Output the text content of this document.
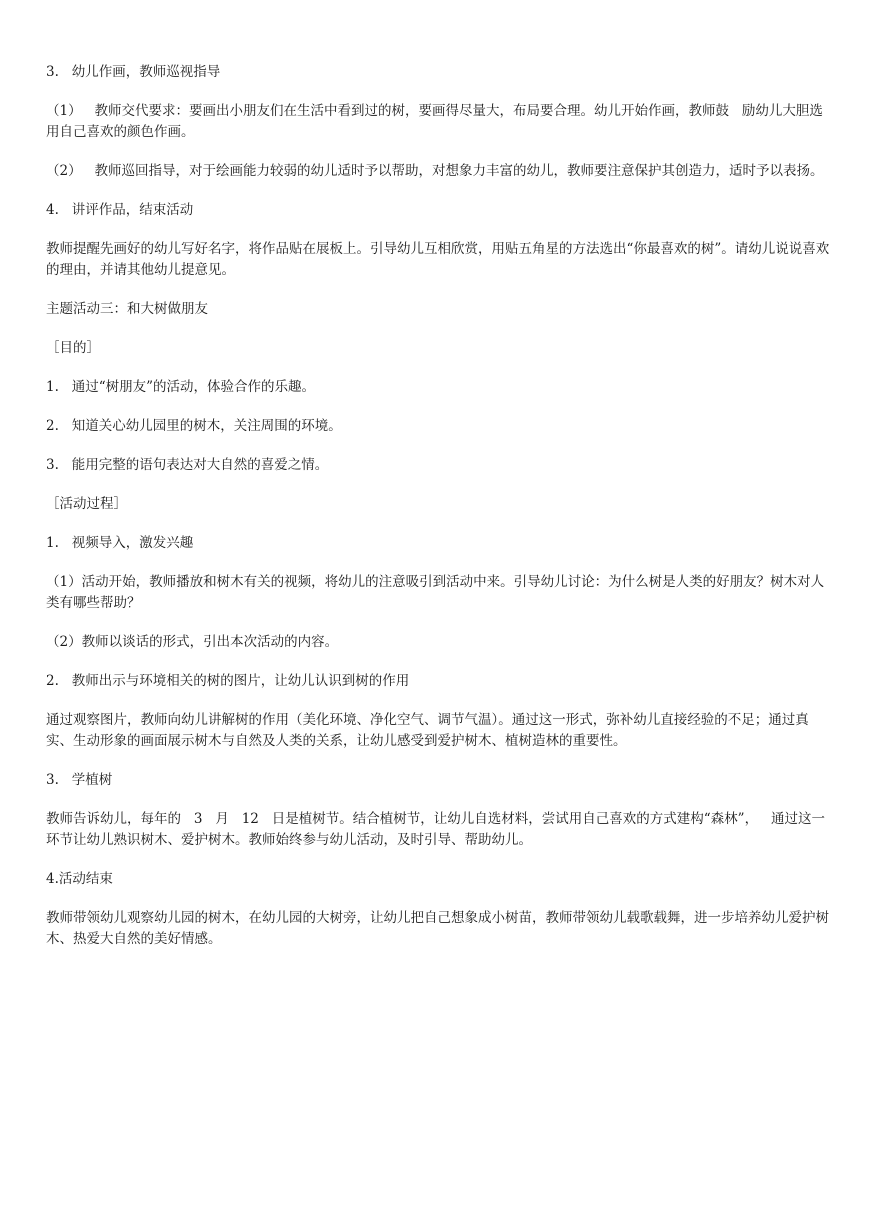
3.   幼儿作画，教师巡视指导

（1）   教师交代要求：要画出小朋友们在生活中看到过的树，要画得尽量大，布局要合理。幼儿开始作画，教师鼓   励幼儿大胆选用自己喜欢的颜色作画。

（2）   教师巡回指导，对于绘画能力较弱的幼儿适时予以帮助，对想象力丰富的幼儿，教师要注意保护其创造力，适时予以表扬。

4.   讲评作品，结束活动

教师提醒先画好的幼儿写好名字，将作品贴在展板上。引导幼儿互相欣赏，用贴五角星的方法选出“你最喜欢的树”。请幼儿说说喜欢的理由，并请其他幼儿提意见。

主题活动三：和大树做朋友

［目的］

1.   通过“树朋友”的活动，体验合作的乐趣。

2.   知道关心幼儿园里的树木，关注周围的环境。

3.   能用完整的语句表达对大自然的喜爱之情。

［活动过程］

1.   视频导入，激发兴趣

（1）活动开始，教师播放和树木有关的视频，将幼儿的注意吸引到活动中来。引导幼儿讨论：为什么树是人类的好朋友？树木对人类有哪些帮助？

（2）教师以谈话的形式，引出本次活动的内容。

2.   教师出示与环境相关的树的图片，让幼儿认识到树的作用

通过观察图片，教师向幼儿讲解树的作用（美化环境、净化空气、调节气温）。通过这一形式，弥补幼儿直接经验的不足；通过真实、生动形象的画面展示树木与自然及人类的关系，让幼儿感受到爱护树木、植树造林的重要性。

3.   学植树

教师告诉幼儿，每年的   3   月   12   日是植树节。结合植树节，让幼儿自选材料，尝试用自己喜欢的方式建构“森林”，   通过这一环节让幼儿熟识树木、爱护树木。教师始终参与幼儿活动，及时引导、帮助幼儿。

4.活动结束

教师带领幼儿观察幼儿园的树木，在幼儿园的大树旁，让幼儿把自己想象成小树苗，教师带领幼儿载歌载舞，进一步培养幼儿爱护树木、热爱大自然的美好情感。
